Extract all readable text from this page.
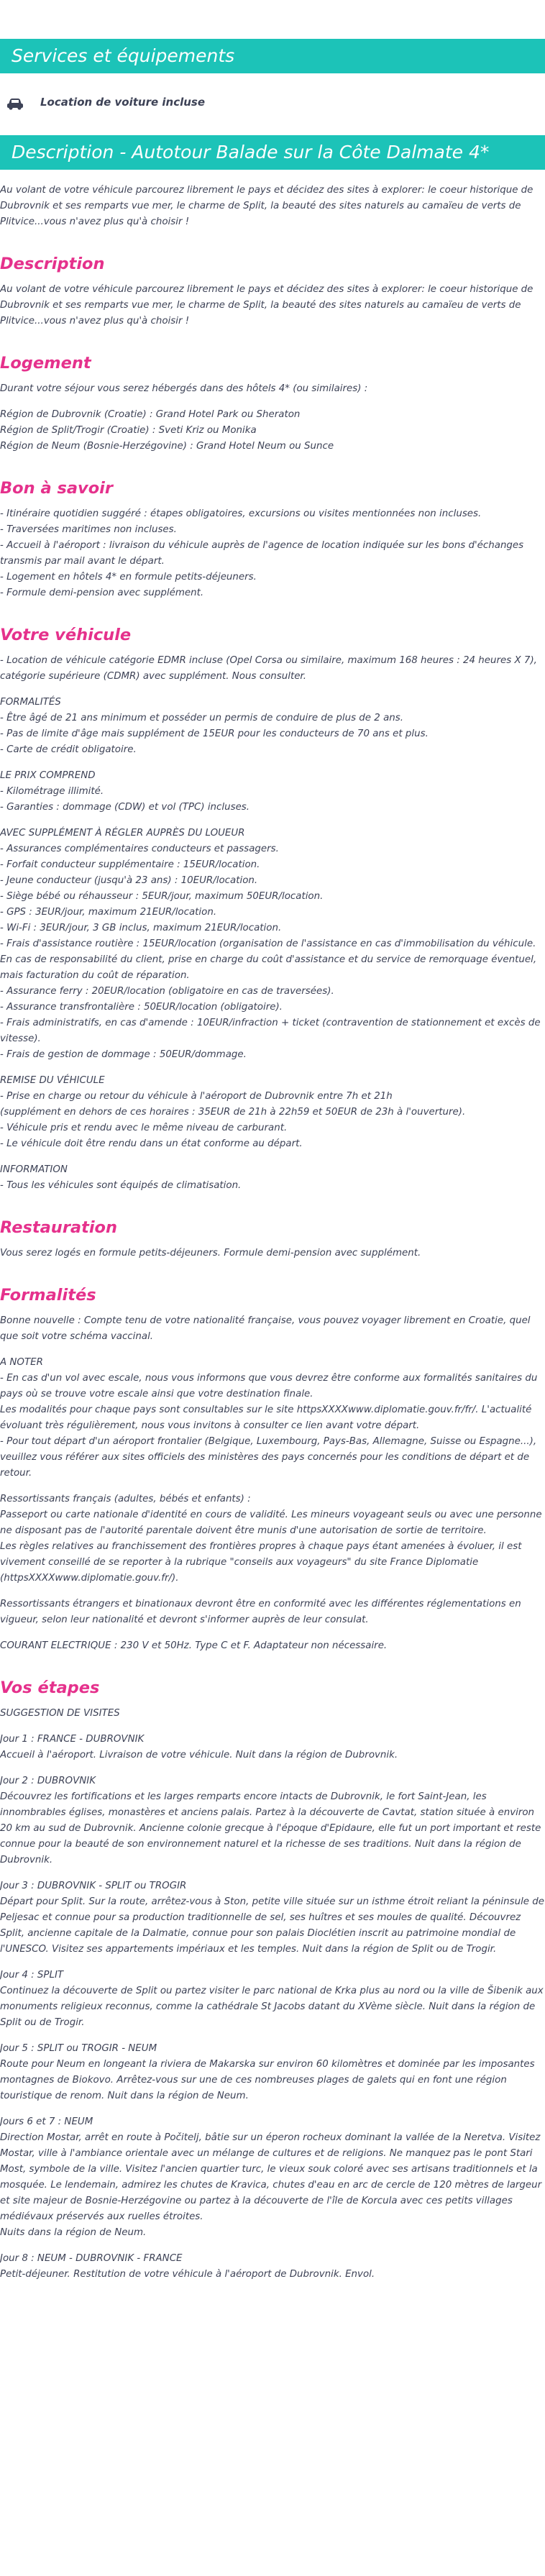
Services et équipements
Location de voiture incluse
Description - Autotour Balade sur la Côte Dalmate 4*

Au volant de votre véhicule parcourez librement le pays et décidez des sites à explorer: le coeur historique de Dubrovnik et ses remparts vue mer, le charme de Split, la beauté des sites naturels au camaïeu de verts de Plitvice...vous n'avez plus qu'à choisir !

Description

Au volant de votre véhicule parcourez librement le pays et décidez des sites à explorer: le coeur historique de Dubrovnik et ses remparts vue mer, le charme de Split, la beauté des sites naturels au camaïeu de verts de Plitvice...vous n'avez plus qu'à choisir !

Logement

Durant votre séjour vous serez hébergés dans des hôtels 4* (ou similaires) :

Région de Dubrovnik (Croatie) : Grand Hotel Park ou Sheraton
Région de Split/Trogir (Croatie) : Sveti Kriz ou Monika
Région de Neum (Bosnie-Herzégovine) : Grand Hotel Neum ou Sunce

Bon à savoir

- Itinéraire quotidien suggéré : étapes obligatoires, excursions ou visites mentionnées non incluses.
- Traversées maritimes non incluses.
- Accueil à l'aéroport : livraison du véhicule auprès de l'agence de location indiquée sur les bons d'échanges transmis par mail avant le départ.
- Logement en hôtels 4* en formule petits-déjeuners.
- Formule demi-pension avec supplément.

Votre véhicule

- Location de véhicule catégorie EDMR incluse (Opel Corsa ou similaire, maximum 168 heures : 24 heures X 7), catégorie supérieure (CDMR) avec supplément. Nous consulter.

FORMALITÉS
- Être âgé de 21 ans minimum et posséder un permis de conduire de plus de 2 ans.
- Pas de limite d'âge mais supplément de 15EUR pour les conducteurs de 70 ans et plus.
- Carte de crédit obligatoire.

LE PRIX COMPREND
- Kilométrage illimité.
- Garanties : dommage (CDW) et vol (TPC) incluses.

AVEC SUPPLÉMENT À RÉGLER AUPRÈS DU LOUEUR
- Assurances complémentaires conducteurs et passagers.
- Forfait conducteur supplémentaire : 15EUR/location.
- Jeune conducteur (jusqu'à 23 ans) : 10EUR/location.
- Siège bébé ou réhausseur : 5EUR/jour, maximum 50EUR/location.
- GPS : 3EUR/jour, maximum 21EUR/location.
- Wi-Fi : 3EUR/jour, 3 GB inclus, maximum 21EUR/location.
- Frais d'assistance routière : 15EUR/location (organisation de l'assistance en cas d'immobilisation du véhicule. En cas de responsabilité du client, prise en charge du coût d'assistance et du service de remorquage éventuel, mais facturation du coût de réparation.
- Assurance ferry : 20EUR/location (obligatoire en cas de traversées).
- Assurance transfrontalière : 50EUR/location (obligatoire).
- Frais administratifs, en cas d'amende : 10EUR/infraction + ticket (contravention de stationnement et excès de vitesse).
- Frais de gestion de dommage : 50EUR/dommage.

REMISE DU VÉHICULE
- Prise en charge ou retour du véhicule à l'aéroport de Dubrovnik entre 7h et 21h
(supplément en dehors de ces horaires : 35EUR de 21h à 22h59 et 50EUR de 23h à l'ouverture).
- Véhicule pris et rendu avec le même niveau de carburant.
- Le véhicule doit être rendu dans un état conforme au départ.

INFORMATION
- Tous les véhicules sont équipés de climatisation.

Restauration

Vous serez logés en formule petits-déjeuners. Formule demi-pension avec supplément.

Formalités

Bonne nouvelle : Compte tenu de votre nationalité française, vous pouvez voyager librement en Croatie, quel que soit votre schéma vaccinal.

A NOTER
- En cas d'un vol avec escale, nous vous informons que vous devrez être conforme aux formalités sanitaires du pays où se trouve votre escale ainsi que votre destination finale.
Les modalités pour chaque pays sont consultables sur le site httpsXXXXwww.diplomatie.gouv.fr/fr/. L'actualité évoluant très régulièrement, nous vous invitons à consulter ce lien avant votre départ.
- Pour tout départ d'un aéroport frontalier (Belgique, Luxembourg, Pays-Bas, Allemagne, Suisse ou Espagne...), veuillez vous référer aux sites officiels des ministères des pays concernés pour les conditions de départ et de retour.

Ressortissants français (adultes, bébés et enfants) :
Passeport ou carte nationale d'identité en cours de validité. Les mineurs voyageant seuls ou avec une personne ne disposant pas de l'autorité parentale doivent être munis d'une autorisation de sortie de territoire.
Les règles relatives au franchissement des frontières propres à chaque pays étant amenées à évoluer, il est vivement conseillé de se reporter à la rubrique "conseils aux voyageurs" du site France Diplomatie (httpsXXXXwww.diplomatie.gouv.fr/).

Ressortissants étrangers et binationaux devront être en conformité avec les différentes réglementations en vigueur, selon leur nationalité et devront s'informer auprès de leur consulat.

COURANT ELECTRIQUE : 230 V et 50Hz. Type C et F. Adaptateur non nécessaire.

Vos étapes

SUGGESTION DE VISITES

Jour 1 : FRANCE - DUBROVNIK
Accueil à l'aéroport. Livraison de votre véhicule. Nuit dans la région de Dubrovnik.

Jour 2 : DUBROVNIK
Découvrez les fortifications et les larges remparts encore intacts de Dubrovnik, le fort Saint-Jean, les innombrables églises, monastères et anciens palais. Partez à la découverte de Cavtat, station située à environ 20 km au sud de Dubrovnik. Ancienne colonie grecque à l'époque d'Epidaure, elle fut un port important et reste connue pour la beauté de son environnement naturel et la richesse de ses traditions. Nuit dans la région de Dubrovnik.

Jour 3 : DUBROVNIK - SPLIT ou TROGIR
Départ pour Split. Sur la route, arrêtez-vous à Ston, petite ville située sur un isthme étroit reliant la péninsule de Peljesac et connue pour sa production traditionnelle de sel, ses huîtres et ses moules de qualité. Découvrez Split, ancienne capitale de la Dalmatie, connue pour son palais Dioclétien inscrit au patrimoine mondial de l'UNESCO. Visitez ses appartements impériaux et les temples. Nuit dans la région de Split ou de Trogir.

Jour 4 : SPLIT
Continuez la découverte de Split ou partez visiter le parc national de Krka plus au nord ou la ville de Šibenik aux monuments religieux reconnus, comme la cathédrale St Jacobs datant du XVème siècle. Nuit dans la région de Split ou de Trogir.

Jour 5 : SPLIT ou TROGIR - NEUM
Route pour Neum en longeant la riviera de Makarska sur environ 60 kilomètres et dominée par les imposantes montagnes de Biokovo. Arrêtez-vous sur une de ces nombreuses plages de galets qui en font une région touristique de renom. Nuit dans la région de Neum.

Jours 6 et 7 : NEUM
Direction Mostar, arrêt en route à Počitelj, bâtie sur un éperon rocheux dominant la vallée de la Neretva. Visitez Mostar, ville à l'ambiance orientale avec un mélange de cultures et de religions. Ne manquez pas le pont Stari Most, symbole de la ville. Visitez l'ancien quartier turc, le vieux souk coloré avec ses artisans traditionnels et la mosquée. Le lendemain, admirez les chutes de Kravica, chutes d'eau en arc de cercle de 120 mètres de largeur et site majeur de Bosnie-Herzégovine ou partez à la découverte de l'île de Korcula avec ces petits villages médiévaux préservés aux ruelles étroites.
Nuits dans la région de Neum.

Jour 8 : NEUM - DUBROVNIK - FRANCE
Petit-déjeuner. Restitution de votre véhicule à l'aéroport de Dubrovnik. Envol.
